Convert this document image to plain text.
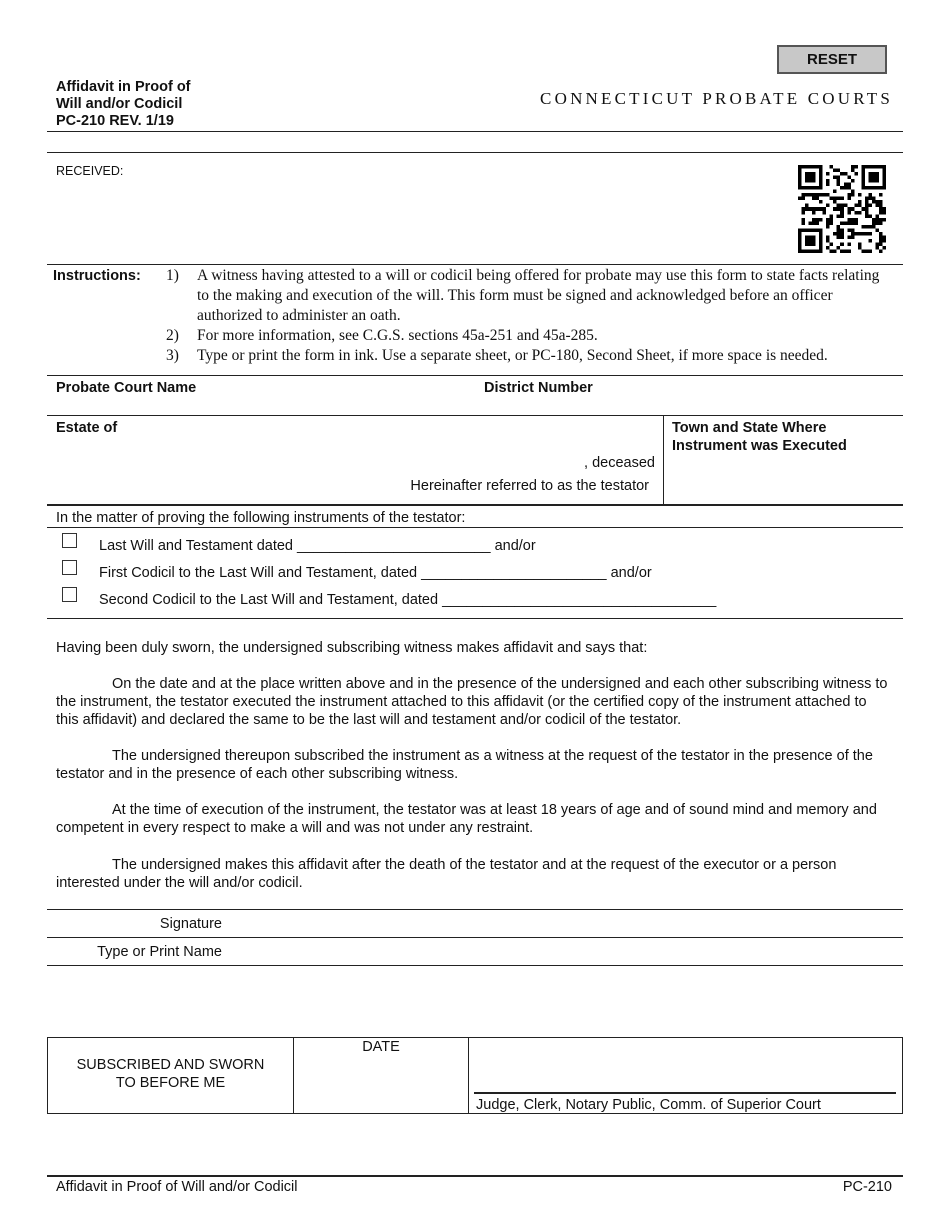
RESET
Affidavit in Proof of
Will and/or Codicil
PC-210 REV. 1/19
CONNECTICUT PROBATE COURTS
RECEIVED:
Instructions: 1)	A witness having attested to a will or codicil being offered for probate may use this form to state facts relating to the making and execution of the will. This form must be signed and acknowledged before an officer authorized to administer an oath.
2)	For more information, see C.G.S. sections 45a-251 and 45a-285.
3)	Type or print the form in ink. Use a separate sheet, or PC-180, Second Sheet, if more space is needed.
Probate Court Name	District Number
Estate of
, deceased
Hereinafter referred to as the testator
Town and State Where
Instrument was Executed
In the matter of proving the following instruments of the testator:
Last Will and Testament dated ________________________ and/or
First Codicil to the Last Will and Testament, dated _______________________ and/or
Second Codicil to the Last Will and Testament, dated __________________________________
Having been duly sworn, the undersigned subscribing witness makes affidavit and says that:
On the date and at the place written above and in the presence of the undersigned and each other subscribing witness to the instrument, the testator executed the instrument attached to this affidavit (or the certified copy of the instrument attached to this affidavit) and declared the same to be the last will and testament and/or codicil of the testator.
The undersigned thereupon subscribed the instrument as a witness at the request of the testator in the presence of the testator and in the presence of each other subscribing witness.
At the time of execution of the instrument, the testator was at least 18 years of age and of sound mind and memory and competent in every respect to make a will and was not under any restraint.
The undersigned makes this affidavit after the death of the testator and at the request of the executor or a person interested under the will and/or codicil.
Signature
Type or Print Name
SUBSCRIBED AND SWORN
TO BEFORE ME
DATE
Judge, Clerk, Notary Public, Comm. of Superior Court
Affidavit in Proof of Will and/or Codicil	PC-210
